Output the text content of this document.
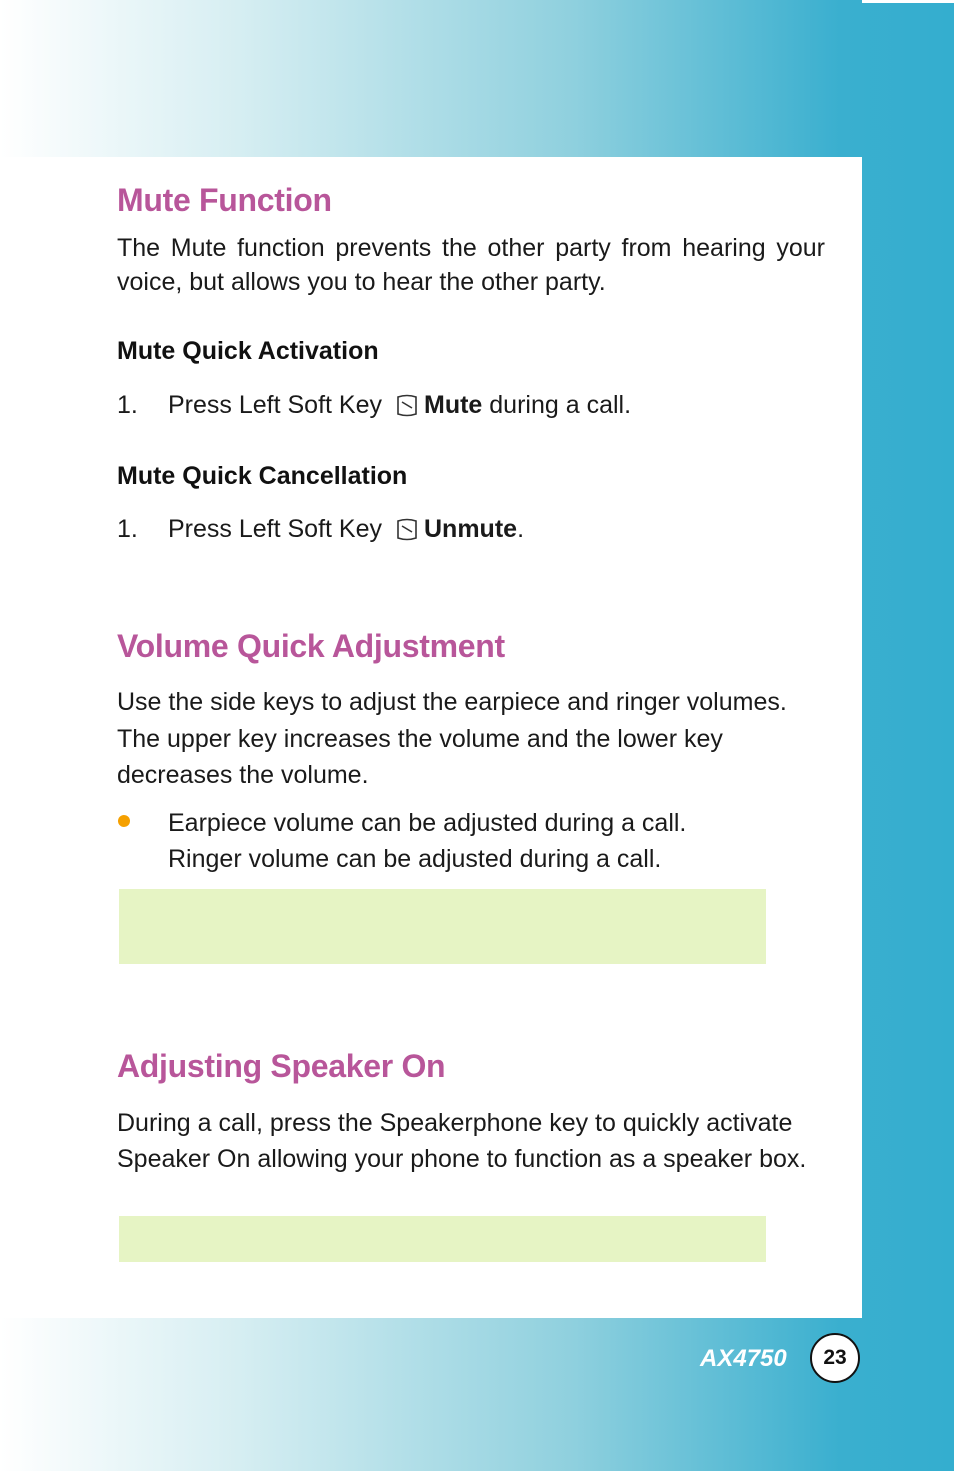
Mute Function
The Mute function prevents the other party from hearing your voice, but allows you to hear the other party.
Mute Quick Activation
1. Press Left Soft Key Mute during a call.
Mute Quick Cancellation
1. Press Left Soft Key Unmute.
Volume Quick Adjustment
Use the side keys to adjust the earpiece and ringer volumes.
The upper key increases the volume and the lower key
decreases the volume.
Earpiece volume can be adjusted during a call.
Ringer volume can be adjusted during a call.
Adjusting Speaker On
During a call, press the Speakerphone key to quickly activate
Speaker On allowing your phone to function as a speaker box.
AX4750 23
